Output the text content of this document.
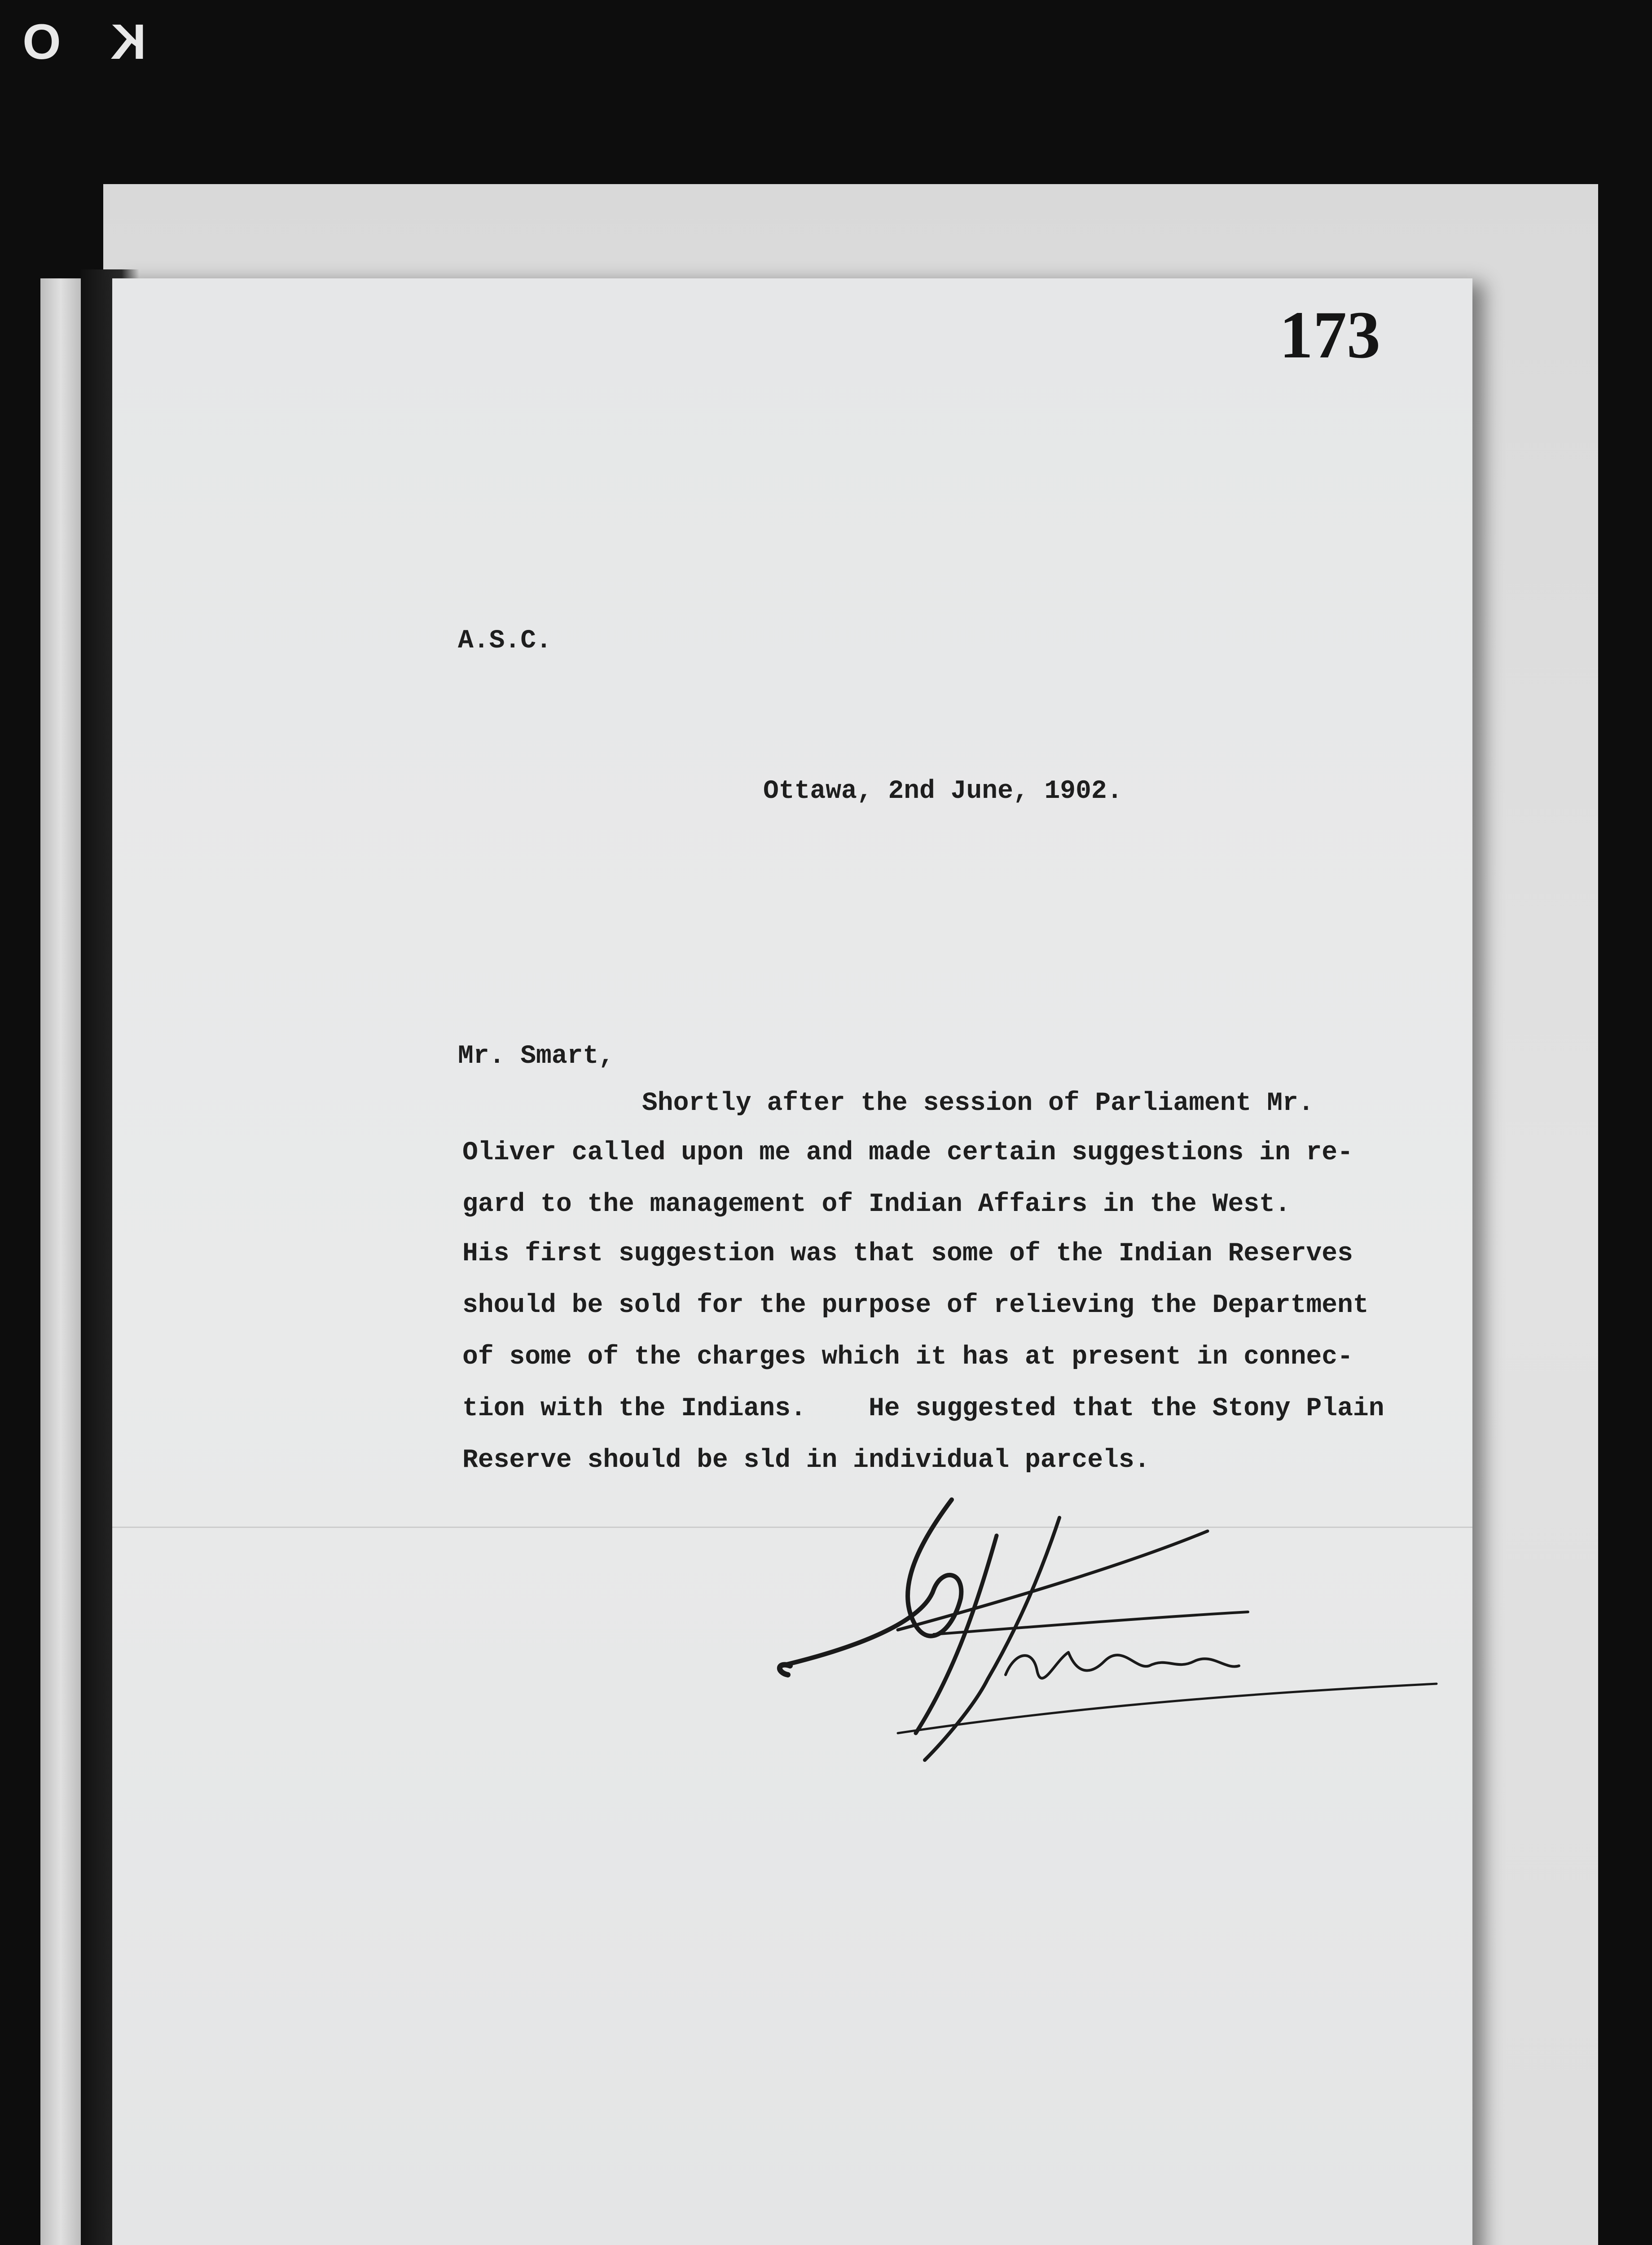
K O
173
A.S.C.
Ottawa, 2nd June, 1902.
Mr. Smart,
Shortly after the session of Parliament Mr.
Oliver called upon me and made certain suggestions in re-
gard to the management of Indian Affairs in the West.
His first suggestion was that some of the Indian Reserves
should be sold for the purpose of relieving the Department
of some of the charges which it has at present in connec-
tion with the Indians.    He suggested that the Stony Plain
Reserve should be sld in individual parcels.
Clifford Sifton
